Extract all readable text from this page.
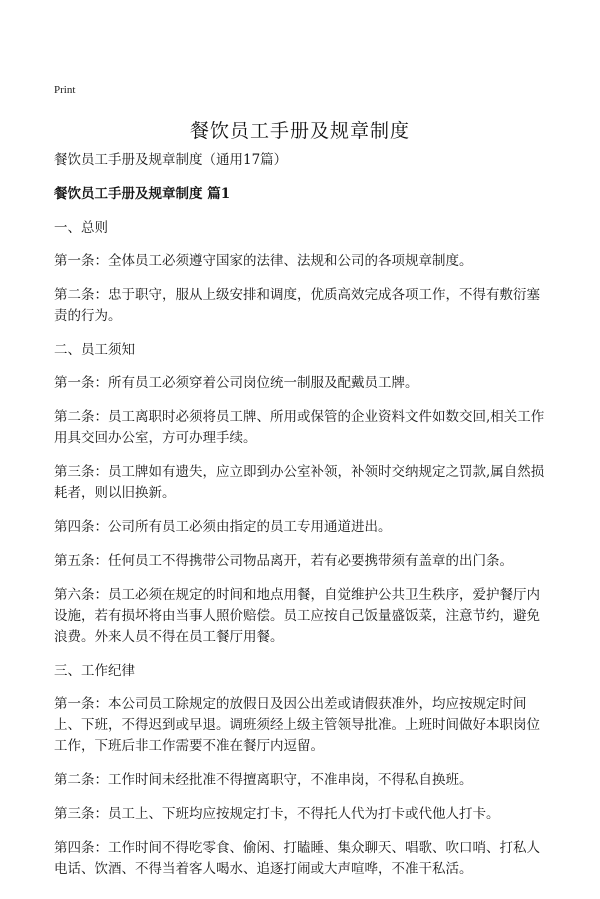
Print
餐饮员工手册及规章制度

餐饮员工手册及规章制度（通用17篇）

餐饮员工手册及规章制度 篇1

一、总则

第一条：全体员工必须遵守国家的法律、法规和公司的各项规章制度。

第二条：忠于职守，服从上级安排和调度，优质高效完成各项工作，不得有敷衍塞责的行为。

二、员工须知

第一条：所有员工必须穿着公司岗位统一制服及配戴员工牌。

第二条：员工离职时必须将员工牌、所用或保管的企业资料文件如数交回,相关工作用具交回办公室，方可办理手续。

第三条：员工牌如有遗失，应立即到办公室补领，补领时交纳规定之罚款,属自然损耗者，则以旧换新。

第四条：公司所有员工必须由指定的员工专用通道进出。

第五条：任何员工不得携带公司物品离开，若有必要携带须有盖章的出门条。

第六条：员工必须在规定的时间和地点用餐，自觉维护公共卫生秩序，爱护餐厅内设施，若有损坏将由当事人照价赔偿。员工应按自己饭量盛饭菜，注意节约，避免浪费。外来人员不得在员工餐厅用餐。

三、工作纪律

第一条：本公司员工除规定的放假日及因公出差或请假获准外，均应按规定时间上、下班，不得迟到或早退。调班须经上级主管领导批准。上班时间做好本职岗位工作，下班后非工作需要不准在餐厅内逗留。

第二条：工作时间未经批准不得擅离职守，不准串岗，不得私自换班。

第三条：员工上、下班均应按规定打卡，不得托人代为打卡或代他人打卡。

第四条：工作时间不得吃零食、偷闲、打瞌睡、集众聊天、唱歌、吹口哨、打私人电话、饮酒、不得当着客人喝水、追逐打闹或大声喧哗，不准干私活。
